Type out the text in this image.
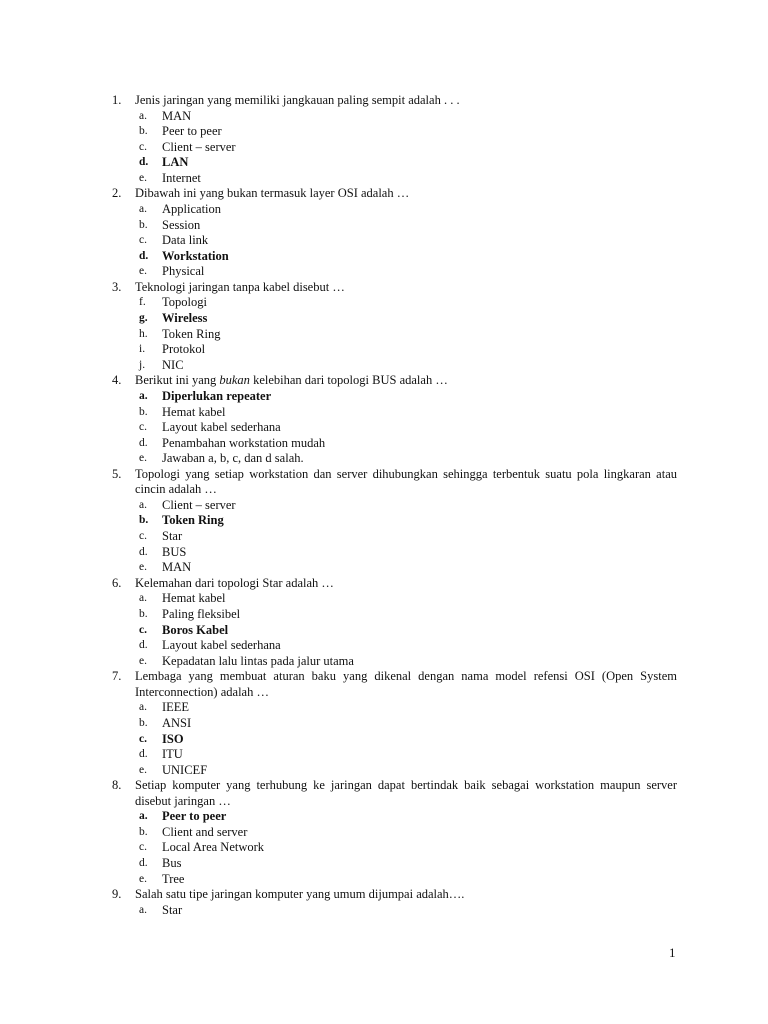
1. Jenis jaringan yang memiliki jangkauan paling sempit adalah . . .
a. MAN
b. Peer to peer
c. Client – server
d. LAN
e. Internet
2. Dibawah ini yang bukan termasuk layer OSI adalah …
a. Application
b. Session
c. Data link
d. Workstation
e. Physical
3. Teknologi jaringan tanpa kabel disebut …
f. Topologi
g. Wireless
h. Token Ring
i. Protokol
j. NIC
4. Berikut ini yang bukan kelebihan dari topologi BUS adalah …
a. Diperlukan repeater
b. Hemat kabel
c. Layout kabel sederhana
d. Penambahan workstation mudah
e. Jawaban a, b, c, dan d salah.
5. Topologi yang setiap workstation dan server dihubungkan sehingga terbentuk suatu pola lingkaran atau cincin adalah …
a. Client – server
b. Token Ring
c. Star
d. BUS
e. MAN
6. Kelemahan dari topologi Star adalah …
a. Hemat kabel
b. Paling fleksibel
c. Boros Kabel
d. Layout kabel sederhana
e. Kepadatan lalu lintas pada jalur utama
7. Lembaga yang membuat aturan baku yang dikenal dengan nama model refensi OSI (Open System Interconnection) adalah …
a. IEEE
b. ANSI
c. ISO
d. ITU
e. UNICEF
8. Setiap komputer yang terhubung ke jaringan dapat bertindak baik sebagai workstation maupun server disebut jaringan …
a. Peer to peer
b. Client and server
c. Local Area Network
d. Bus
e. Tree
9. Salah satu tipe jaringan komputer yang umum dijumpai adalah….
a. Star
1
